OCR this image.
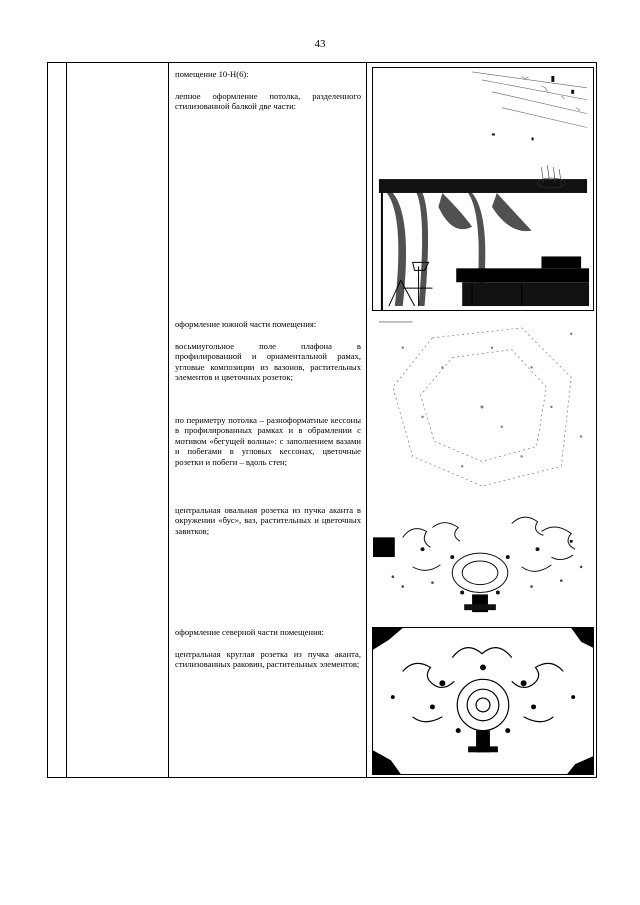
43

помещение 10-Н(6):

лепное оформление потолка, разделенного стилизованной балкой две части:

оформление южной части помещения:

восьмиугольное поле плафона в профилированной и орнаментальной рамах, угловые композиции из вазонов, растительных элементов и цветочных розеток;

по периметру потолка – разноформатные кессоны в профилированных рамках и в обрамлении с мотивом «бегущей волны»: с заполнением вазами и побегами в угловых кессонах, цветочные розетки и побеги – вдоль стен;

центральная овальная розетка из пучка аканта в окружении «бус», ваз, растительных и цветочных завитков;

оформление северной части помещения:

центральная круглая розетка из пучка аканта, стилизованных раковин, растительных элементов;
